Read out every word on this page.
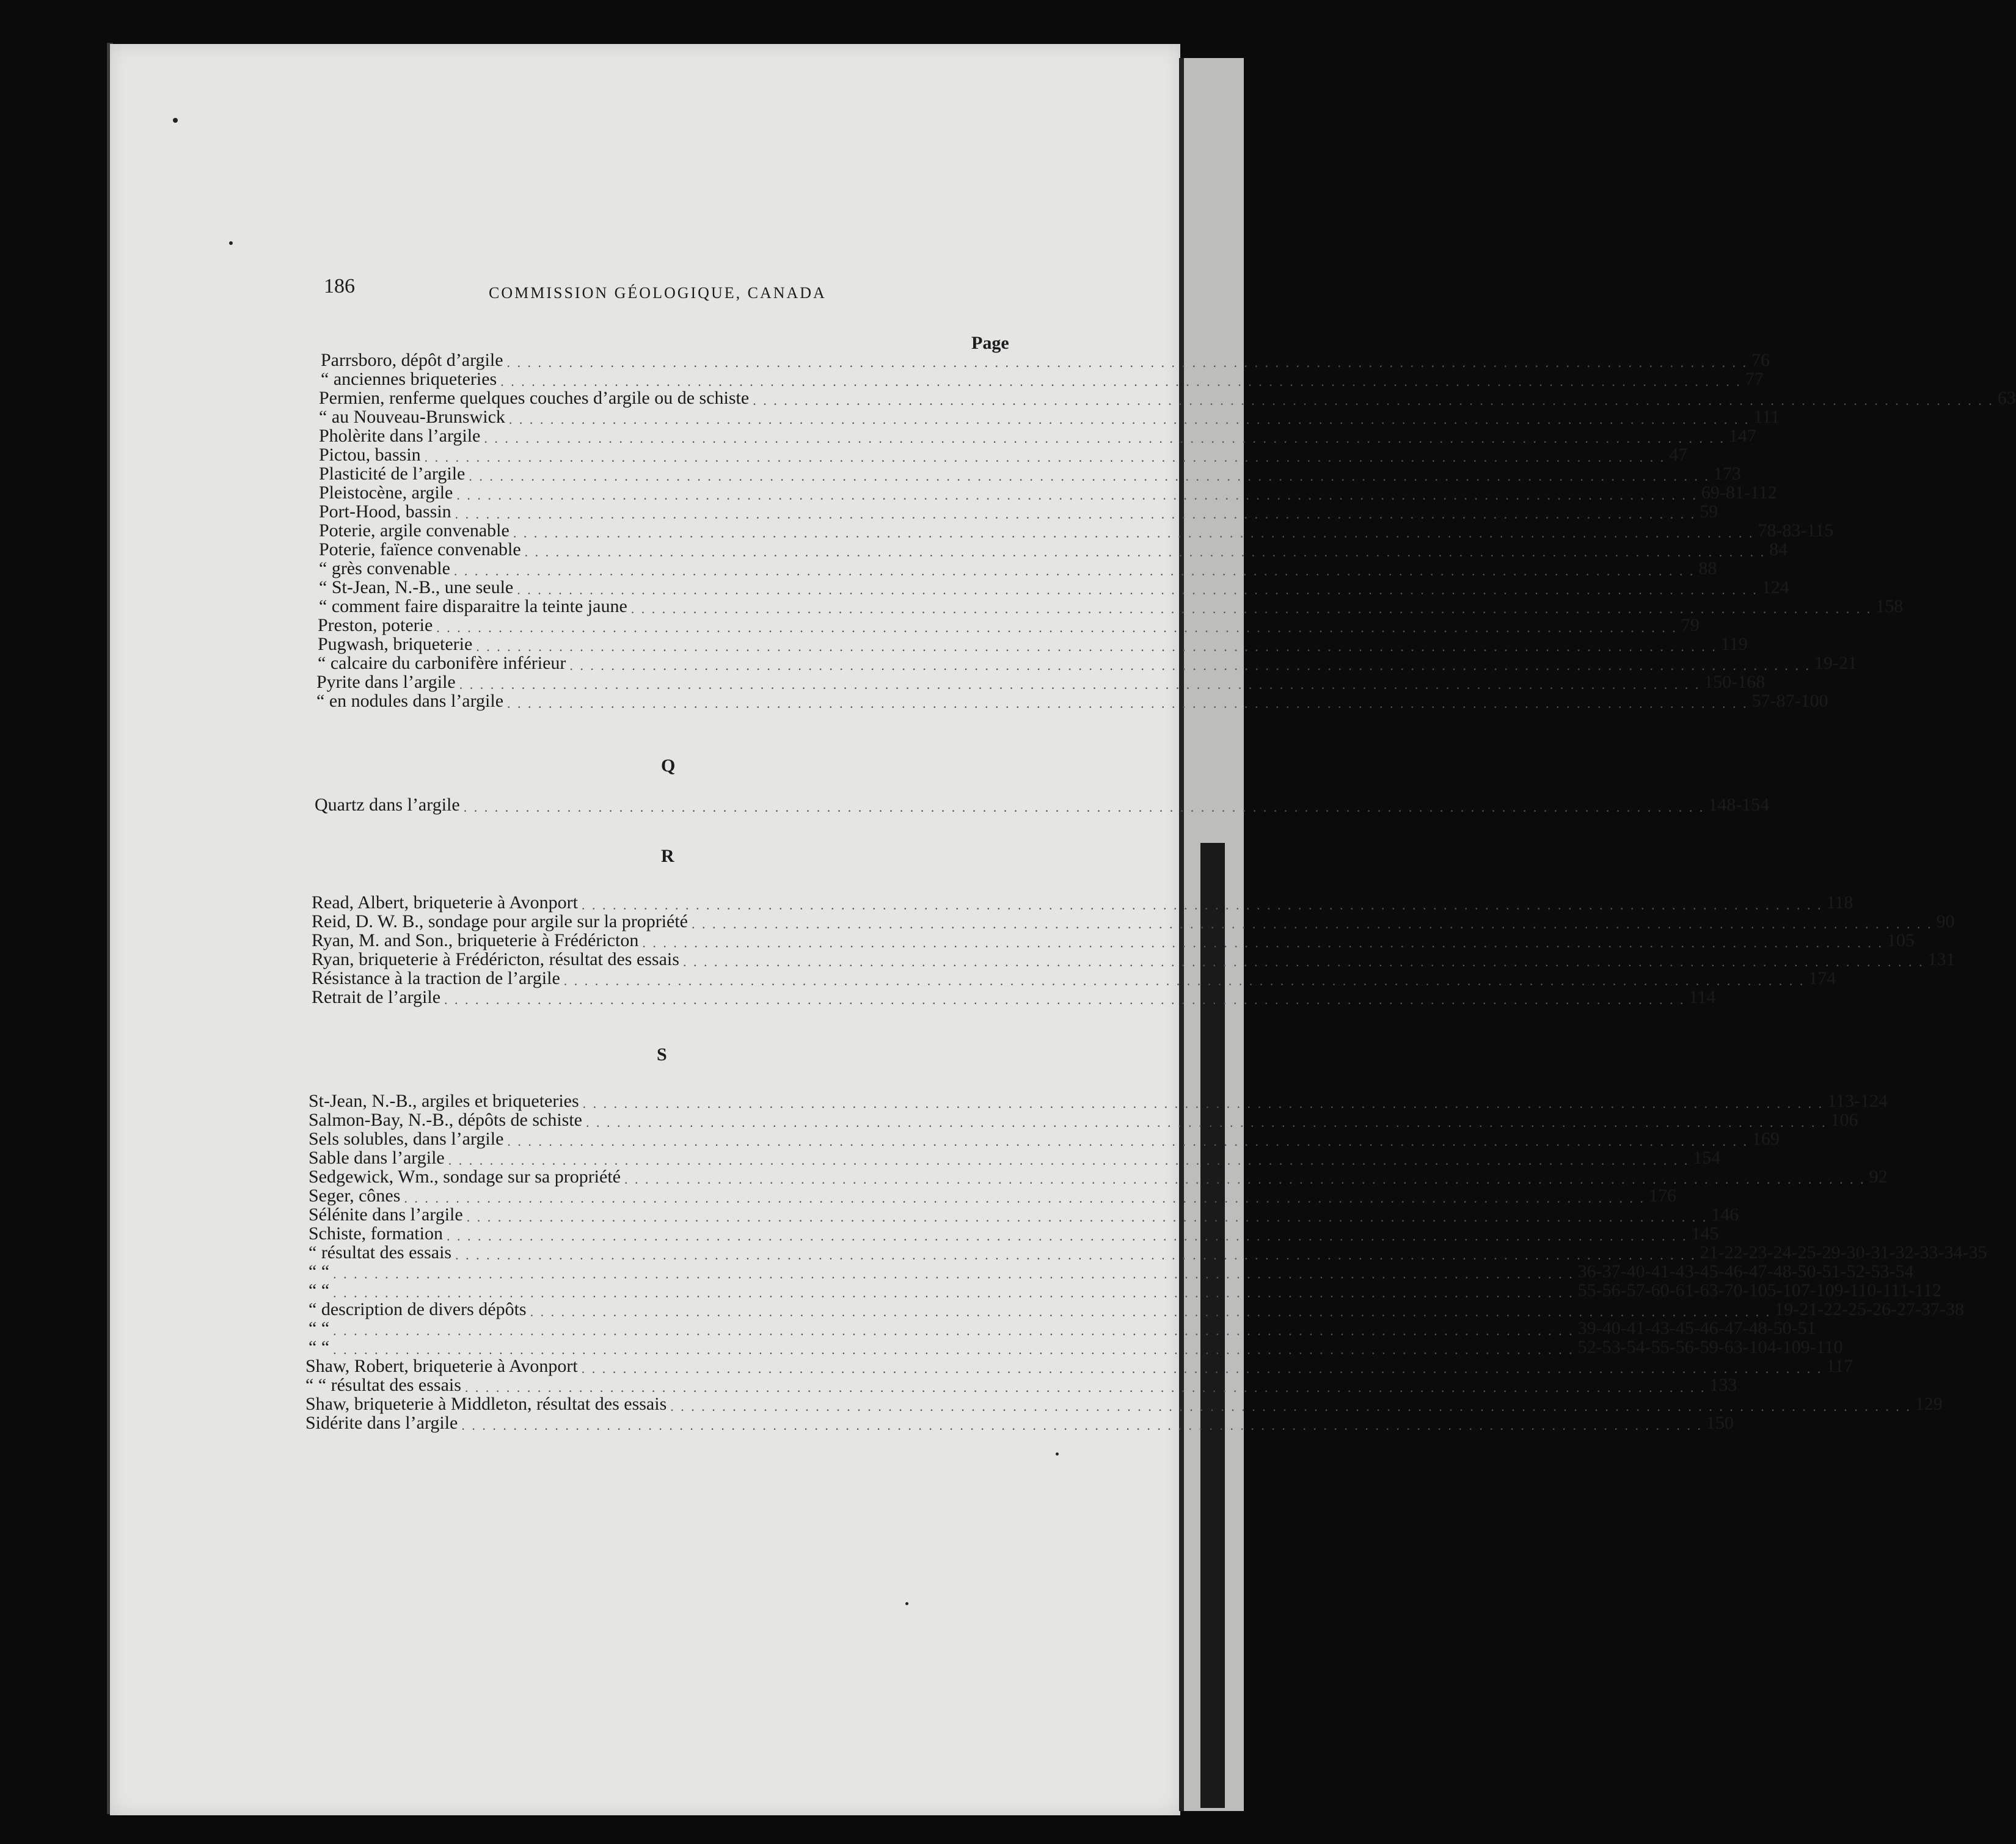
186	COMMISSION GÉOLOGIQUE, CANADA
Page
Q
R
S
Parrsboro, dépôt d’argile . . . . . . . . . . . . . . . . . . . . . . . . . . . . . . . . . . . . . . . . . . . . . . . . . . . . . . . . . . . . . . . . . . . . . . . . . . . . . . . . . . . . . . . . . . . . . . . . . . . . . . . . . . . . . . . . . . . . . . . . 76
“ anciennes briqueteries . . . . . . . . . . . . . . . . . . . . . . . . . . . . . . . . . . . . . . . . . . . . . . . . . . . . . . . . . . . . . . . . . . . . . . . . . . . . . . . . . . . . . . . . . . . . . . . . . . . . . . . . . . . . . . . . . . . . . . . . 77
Permien, renferme quelques couches d’argile ou de schiste . . . . . . . . . . . . . . . . . . . . . . . . . . . . . . . . . . . . . . . . . . . . . . . . . . . . . . . . . . . . . . . . . . . . . . . . . . . . . . . . . . . . . . . . . . . . . . . . . . . . . . . . . . . . . . . . . . . . . . . . 63
“ au Nouveau-Brunswick . . . . . . . . . . . . . . . . . . . . . . . . . . . . . . . . . . . . . . . . . . . . . . . . . . . . . . . . . . . . . . . . . . . . . . . . . . . . . . . . . . . . . . . . . . . . . . . . . . . . . . . . . . . . . . . . . . . . . . . . 111
Pholèrite dans l’argile . . . . . . . . . . . . . . . . . . . . . . . . . . . . . . . . . . . . . . . . . . . . . . . . . . . . . . . . . . . . . . . . . . . . . . . . . . . . . . . . . . . . . . . . . . . . . . . . . . . . . . . . . . . . . . . . . . . . . . . . 147
Pictou, bassin . . . . . . . . . . . . . . . . . . . . . . . . . . . . . . . . . . . . . . . . . . . . . . . . . . . . . . . . . . . . . . . . . . . . . . . . . . . . . . . . . . . . . . . . . . . . . . . . . . . . . . . . . . . . . . . . . . . . . . . . 47
Plasticité de l’argile . . . . . . . . . . . . . . . . . . . . . . . . . . . . . . . . . . . . . . . . . . . . . . . . . . . . . . . . . . . . . . . . . . . . . . . . . . . . . . . . . . . . . . . . . . . . . . . . . . . . . . . . . . . . . . . . . . . . . . . . 173
Pleistocène, argile . . . . . . . . . . . . . . . . . . . . . . . . . . . . . . . . . . . . . . . . . . . . . . . . . . . . . . . . . . . . . . . . . . . . . . . . . . . . . . . . . . . . . . . . . . . . . . . . . . . . . . . . . . . . . . . . . . . . . . . . 69-81-112
Port-Hood, bassin . . . . . . . . . . . . . . . . . . . . . . . . . . . . . . . . . . . . . . . . . . . . . . . . . . . . . . . . . . . . . . . . . . . . . . . . . . . . . . . . . . . . . . . . . . . . . . . . . . . . . . . . . . . . . . . . . . . . . . . . 59
Poterie, argile convenable . . . . . . . . . . . . . . . . . . . . . . . . . . . . . . . . . . . . . . . . . . . . . . . . . . . . . . . . . . . . . . . . . . . . . . . . . . . . . . . . . . . . . . . . . . . . . . . . . . . . . . . . . . . . . . . . . . . . . . . . 78-83-115
Poterie, faïence convenable . . . . . . . . . . . . . . . . . . . . . . . . . . . . . . . . . . . . . . . . . . . . . . . . . . . . . . . . . . . . . . . . . . . . . . . . . . . . . . . . . . . . . . . . . . . . . . . . . . . . . . . . . . . . . . . . . . . . . . . . 84
“ grès convenable . . . . . . . . . . . . . . . . . . . . . . . . . . . . . . . . . . . . . . . . . . . . . . . . . . . . . . . . . . . . . . . . . . . . . . . . . . . . . . . . . . . . . . . . . . . . . . . . . . . . . . . . . . . . . . . . . . . . . . . . 88
“ St-Jean, N.-B., une seule . . . . . . . . . . . . . . . . . . . . . . . . . . . . . . . . . . . . . . . . . . . . . . . . . . . . . . . . . . . . . . . . . . . . . . . . . . . . . . . . . . . . . . . . . . . . . . . . . . . . . . . . . . . . . . . . . . . . . . . . 124
“ comment faire disparaitre la teinte jaune . . . . . . . . . . . . . . . . . . . . . . . . . . . . . . . . . . . . . . . . . . . . . . . . . . . . . . . . . . . . . . . . . . . . . . . . . . . . . . . . . . . . . . . . . . . . . . . . . . . . . . . . . . . . . . . . . . . . . . . . 158
Preston, poterie . . . . . . . . . . . . . . . . . . . . . . . . . . . . . . . . . . . . . . . . . . . . . . . . . . . . . . . . . . . . . . . . . . . . . . . . . . . . . . . . . . . . . . . . . . . . . . . . . . . . . . . . . . . . . . . . . . . . . . . . 79
Pugwash, briqueterie . . . . . . . . . . . . . . . . . . . . . . . . . . . . . . . . . . . . . . . . . . . . . . . . . . . . . . . . . . . . . . . . . . . . . . . . . . . . . . . . . . . . . . . . . . . . . . . . . . . . . . . . . . . . . . . . . . . . . . . . 119
“ calcaire du carbonifère inférieur . . . . . . . . . . . . . . . . . . . . . . . . . . . . . . . . . . . . . . . . . . . . . . . . . . . . . . . . . . . . . . . . . . . . . . . . . . . . . . . . . . . . . . . . . . . . . . . . . . . . . . . . . . . . . . . . . . . . . . . . 19-21
Pyrite dans l’argile . . . . . . . . . . . . . . . . . . . . . . . . . . . . . . . . . . . . . . . . . . . . . . . . . . . . . . . . . . . . . . . . . . . . . . . . . . . . . . . . . . . . . . . . . . . . . . . . . . . . . . . . . . . . . . . . . . . . . . . . 150-168
“ en nodules dans l’argile . . . . . . . . . . . . . . . . . . . . . . . . . . . . . . . . . . . . . . . . . . . . . . . . . . . . . . . . . . . . . . . . . . . . . . . . . . . . . . . . . . . . . . . . . . . . . . . . . . . . . . . . . . . . . . . . . . . . . . . . 57-87-100
Quartz dans l’argile . . . . . . . . . . . . . . . . . . . . . . . . . . . . . . . . . . . . . . . . . . . . . . . . . . . . . . . . . . . . . . . . . . . . . . . . . . . . . . . . . . . . . . . . . . . . . . . . . . . . . . . . . . . . . . . . . . . . . . . . 148-154
Read, Albert, briqueterie à Avonport . . . . . . . . . . . . . . . . . . . . . . . . . . . . . . . . . . . . . . . . . . . . . . . . . . . . . . . . . . . . . . . . . . . . . . . . . . . . . . . . . . . . . . . . . . . . . . . . . . . . . . . . . . . . . . . . . . . . . . . . 118
Reid, D. W. B., sondage pour argile sur la propriété . . . . . . . . . . . . . . . . . . . . . . . . . . . . . . . . . . . . . . . . . . . . . . . . . . . . . . . . . . . . . . . . . . . . . . . . . . . . . . . . . . . . . . . . . . . . . . . . . . . . . . . . . . . . . . . . . . . . . . . . 90
Ryan, M. and Son., briqueterie à Frédéricton . . . . . . . . . . . . . . . . . . . . . . . . . . . . . . . . . . . . . . . . . . . . . . . . . . . . . . . . . . . . . . . . . . . . . . . . . . . . . . . . . . . . . . . . . . . . . . . . . . . . . . . . . . . . . . . . . . . . . . . . 105
Ryan, briqueterie à Frédéricton, résultat des essais . . . . . . . . . . . . . . . . . . . . . . . . . . . . . . . . . . . . . . . . . . . . . . . . . . . . . . . . . . . . . . . . . . . . . . . . . . . . . . . . . . . . . . . . . . . . . . . . . . . . . . . . . . . . . . . . . . . . . . . . 131
Résistance à la traction de l’argile . . . . . . . . . . . . . . . . . . . . . . . . . . . . . . . . . . . . . . . . . . . . . . . . . . . . . . . . . . . . . . . . . . . . . . . . . . . . . . . . . . . . . . . . . . . . . . . . . . . . . . . . . . . . . . . . . . . . . . . . 174
Retrait de l’argile . . . . . . . . . . . . . . . . . . . . . . . . . . . . . . . . . . . . . . . . . . . . . . . . . . . . . . . . . . . . . . . . . . . . . . . . . . . . . . . . . . . . . . . . . . . . . . . . . . . . . . . . . . . . . . . . . . . . . . . . 114
St-Jean, N.-B., argiles et briqueteries . . . . . . . . . . . . . . . . . . . . . . . . . . . . . . . . . . . . . . . . . . . . . . . . . . . . . . . . . . . . . . . . . . . . . . . . . . . . . . . . . . . . . . . . . . . . . . . . . . . . . . . . . . . . . . . . . . . . . . . . 113-124
Salmon-Bay, N.-B., dépôts de schiste . . . . . . . . . . . . . . . . . . . . . . . . . . . . . . . . . . . . . . . . . . . . . . . . . . . . . . . . . . . . . . . . . . . . . . . . . . . . . . . . . . . . . . . . . . . . . . . . . . . . . . . . . . . . . . . . . . . . . . . . 106
Sels solubles, dans l’argile . . . . . . . . . . . . . . . . . . . . . . . . . . . . . . . . . . . . . . . . . . . . . . . . . . . . . . . . . . . . . . . . . . . . . . . . . . . . . . . . . . . . . . . . . . . . . . . . . . . . . . . . . . . . . . . . . . . . . . . . 169
Sable dans l’argile . . . . . . . . . . . . . . . . . . . . . . . . . . . . . . . . . . . . . . . . . . . . . . . . . . . . . . . . . . . . . . . . . . . . . . . . . . . . . . . . . . . . . . . . . . . . . . . . . . . . . . . . . . . . . . . . . . . . . . . . 154
Sedgewick, Wm., sondage sur sa propriété . . . . . . . . . . . . . . . . . . . . . . . . . . . . . . . . . . . . . . . . . . . . . . . . . . . . . . . . . . . . . . . . . . . . . . . . . . . . . . . . . . . . . . . . . . . . . . . . . . . . . . . . . . . . . . . . . . . . . . . . 92
Seger, cônes . . . . . . . . . . . . . . . . . . . . . . . . . . . . . . . . . . . . . . . . . . . . . . . . . . . . . . . . . . . . . . . . . . . . . . . . . . . . . . . . . . . . . . . . . . . . . . . . . . . . . . . . . . . . . . . . . . . . . . . . 176
Sélénite dans l’argile . . . . . . . . . . . . . . . . . . . . . . . . . . . . . . . . . . . . . . . . . . . . . . . . . . . . . . . . . . . . . . . . . . . . . . . . . . . . . . . . . . . . . . . . . . . . . . . . . . . . . . . . . . . . . . . . . . . . . . . . 146
Schiste, formation . . . . . . . . . . . . . . . . . . . . . . . . . . . . . . . . . . . . . . . . . . . . . . . . . . . . . . . . . . . . . . . . . . . . . . . . . . . . . . . . . . . . . . . . . . . . . . . . . . . . . . . . . . . . . . . . . . . . . . . . 145
“ résultat des essais . . . . . . . . . . . . . . . . . . . . . . . . . . . . . . . . . . . . . . . . . . . . . . . . . . . . . . . . . . . . . . . . . . . . . . . . . . . . . . . . . . . . . . . . . . . . . . . . . . . . . . . . . . . . . . . . . . . . . . . . 21-22-23-24-25-29-30-31-32-33-34-35
“ “ . . . . . . . . . . . . . . . . . . . . . . . . . . . . . . . . . . . . . . . . . . . . . . . . . . . . . . . . . . . . . . . . . . . . . . . . . . . . . . . . . . . . . . . . . . . . . . . . . . . . . . . . . . . . . . . . . . . . . . . . 36-37-40-41-43-45-46-47-48-50-51-52-53-54
“ “ . . . . . . . . . . . . . . . . . . . . . . . . . . . . . . . . . . . . . . . . . . . . . . . . . . . . . . . . . . . . . . . . . . . . . . . . . . . . . . . . . . . . . . . . . . . . . . . . . . . . . . . . . . . . . . . . . . . . . . . . 55-56-57-60-61-63-70-105-107-109-110-111-112
“ description de divers dépôts . . . . . . . . . . . . . . . . . . . . . . . . . . . . . . . . . . . . . . . . . . . . . . . . . . . . . . . . . . . . . . . . . . . . . . . . . . . . . . . . . . . . . . . . . . . . . . . . . . . . . . . . . . . . . . . . . . . . . . . . 19-21-22-25-26-27-37-38
“ “ . . . . . . . . . . . . . . . . . . . . . . . . . . . . . . . . . . . . . . . . . . . . . . . . . . . . . . . . . . . . . . . . . . . . . . . . . . . . . . . . . . . . . . . . . . . . . . . . . . . . . . . . . . . . . . . . . . . . . . . . 39-40-41-43-45-46-47-48-50-51
“ “ . . . . . . . . . . . . . . . . . . . . . . . . . . . . . . . . . . . . . . . . . . . . . . . . . . . . . . . . . . . . . . . . . . . . . . . . . . . . . . . . . . . . . . . . . . . . . . . . . . . . . . . . . . . . . . . . . . . . . . . . 52-53-54-55-56-59-63-104-109-110
Shaw, Robert, briqueterie à Avonport . . . . . . . . . . . . . . . . . . . . . . . . . . . . . . . . . . . . . . . . . . . . . . . . . . . . . . . . . . . . . . . . . . . . . . . . . . . . . . . . . . . . . . . . . . . . . . . . . . . . . . . . . . . . . . . . . . . . . . . . 117
“ “ résultat des essais . . . . . . . . . . . . . . . . . . . . . . . . . . . . . . . . . . . . . . . . . . . . . . . . . . . . . . . . . . . . . . . . . . . . . . . . . . . . . . . . . . . . . . . . . . . . . . . . . . . . . . . . . . . . . . . . . . . . . . . . 133
Shaw, briqueterie à Middleton, résultat des essais . . . . . . . . . . . . . . . . . . . . . . . . . . . . . . . . . . . . . . . . . . . . . . . . . . . . . . . . . . . . . . . . . . . . . . . . . . . . . . . . . . . . . . . . . . . . . . . . . . . . . . . . . . . . . . . . . . . . . . . . 129
Sidérite dans l’argile . . . . . . . . . . . . . . . . . . . . . . . . . . . . . . . . . . . . . . . . . . . . . . . . . . . . . . . . . . . . . . . . . . . . . . . . . . . . . . . . . . . . . . . . . . . . . . . . . . . . . . . . . . . . . . . . . . . . . . . . 150
